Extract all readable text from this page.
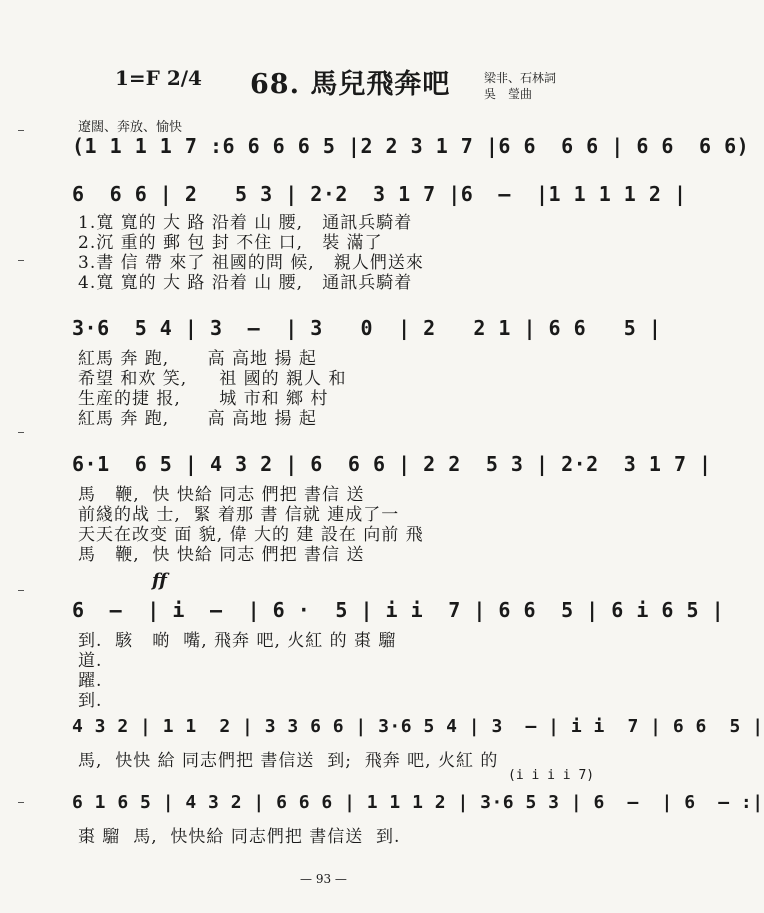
1=F 2/4 68. 馬兒飛奔吧	梁非、石林詞
吳　瑩曲
遼闊、奔放、愉快
(1 1 1 1 7 :6 6 6 6 5 |2 2 3 1 7 |6 6  6 6 | 6 6  6 6)
6  6 6 | 2   5 3 | 2·2  3 1 7 |6  –  |1 1 1 1 2 |
1.寬 寬的 大 路 沿着 山 腰,   通訊兵騎着
2.沉 重的 郵 包 封 不住 口,   裝 滿了
3.書 信 帶 來了 祖國的問 候,   親人們送來
4.寬 寬的 大 路 沿着 山 腰,   通訊兵騎着
3·6  5 4 | 3  –  | 3   0  | 2   2 1 | 6 6   5 |
紅馬 奔 跑,      高 高地 揚 起
希望 和欢 笑,     祖 國的 親人 和
生産的捷 报,      城 市和 鄉 村
紅馬 奔 跑,      高 高地 揚 起
6·1  6 5 | 4 3 2 | 6  6 6 | 2 2  5 3 | 2·2  3 1 7 |
馬   鞭,  快 快給 同志 們把 書信 送
前綫的战 士,  緊 着那 書 信就 連成了一
天天在改变 面 貌, 偉 大的 建 設在 向前 飛
馬   鞭,  快 快給 同志 們把 書信 送
ff
6  –  | i  –  | 6 ·  5 | i i  7 | 6 6  5 | 6 i 6 5 |
到.  駭   啲  嘴, 飛奔 吧, 火紅 的 棗 騮
道.
躍.
到.
4 3 2 | 1 1  2 | 3 3 6 6 | 3·6 5 4 | 3  – | i i  7 | 6 6  5 |
馬,  快快 給 同志們把 書信送  到;  飛奔 吧, 火紅 的
(i i i i 7)
6 1 6 5 | 4 3 2 | 6 6 6 | 1 1 1 2 | 3·6 5 3 | 6  –  | 6  – :|
棗 騮  馬,  快快給 同志們把 書信送  到.
— 93 —
